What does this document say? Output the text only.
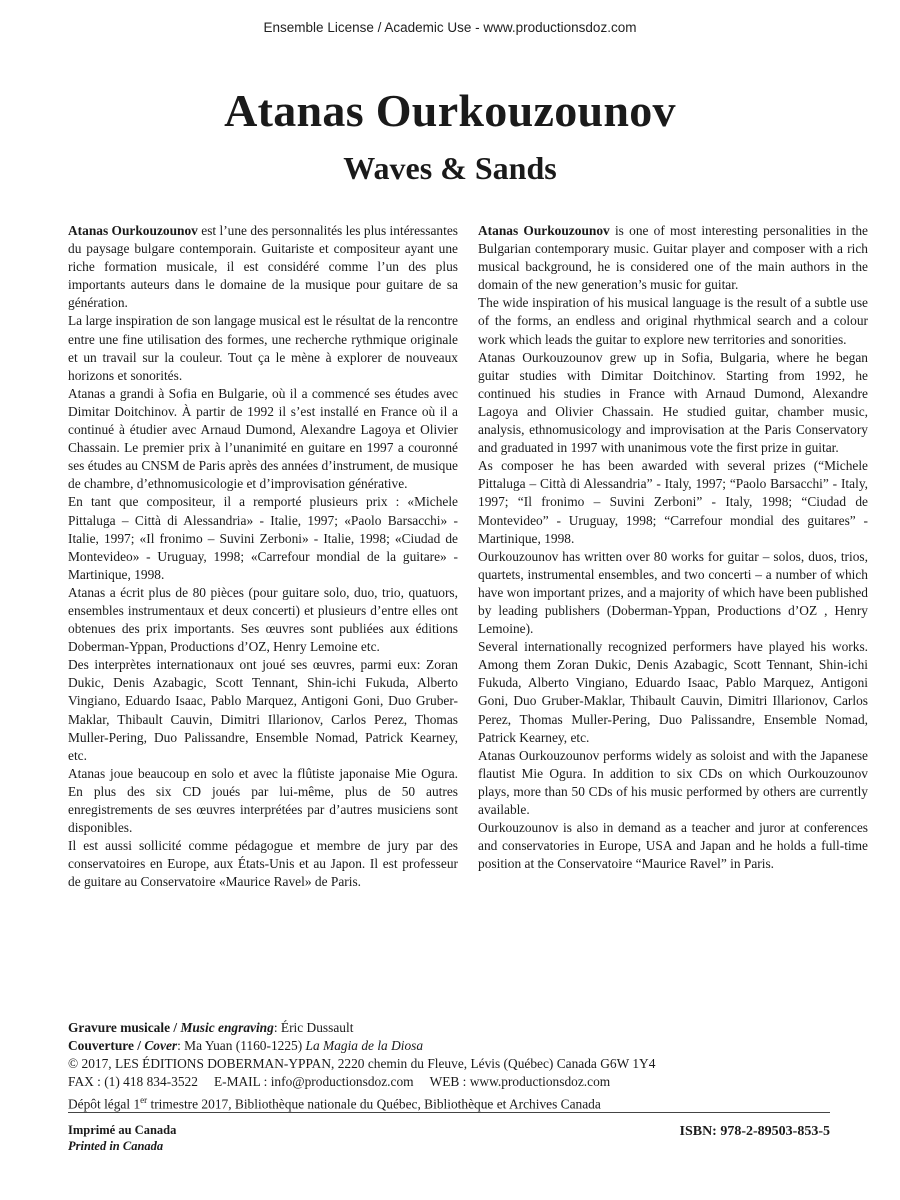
Ensemble License / Academic Use - www.productionsdoz.com
Atanas Ourkouzounov
Waves & Sands

Atanas Ourkouzounov est l’une des personnalités les plus intéressantes du paysage bulgare contemporain. Guitariste et compositeur ayant une riche formation musicale, il est considéré comme l’un des plus importants auteurs dans le domaine de la musique pour guitare de sa génération.

La large inspiration de son langage musical est le résultat de la rencontre entre une fine utilisation des formes, une recherche rythmique originale et un travail sur la couleur. Tout ça le mène à explorer de nouveaux horizons et sonorités.

Atanas a grandi à Sofia en Bulgarie, où il a commencé ses études avec Dimitar Doitchinov. À partir de 1992 il s’est installé en France où il a continué à étudier avec Arnaud Dumond, Alexandre Lagoya et Olivier Chassain. Le premier prix à l’unanimité en guitare en 1997 a couronné ses études au CNSM de Paris après des années d’instrument, de musique de chambre, d’ethnomusicologie et d’improvisation générative.

En tant que compositeur, il a remporté plusieurs prix : «Michele Pittaluga – Città di Alessandria» - Italie, 1997; «Paolo Barsacchi» - Italie, 1997; «Il fronimo – Suvini Zerboni» - Italie, 1998; «Ciudad de Montevideo» - Uruguay, 1998; «Carrefour mondial de la guitare» - Martinique, 1998.

Atanas a écrit plus de 80 pièces (pour guitare solo, duo, trio, quatuors, ensembles instrumentaux et deux concerti) et plusieurs d’entre elles ont obtenues des prix importants. Ses œuvres sont publiées aux éditions Doberman-Yppan, Productions d’OZ, Henry Lemoine etc.

Des interprètes internationaux ont joué ses œuvres, parmi eux: Zoran Dukic, Denis Azabagic, Scott Tennant, Shin-ichi Fukuda, Alberto Vingiano, Eduardo Isaac, Pablo Marquez, Antigoni Goni, Duo Gruber-Maklar, Thibault Cauvin, Dimitri Illarionov, Carlos Perez, Thomas Muller-Pering, Duo Palissandre, Ensemble Nomad, Patrick Kearney, etc.

Atanas joue beaucoup en solo et avec la flûtiste japonaise Mie Ogura. En plus des six CD joués par lui-même, plus de 50 autres enregistrements de ses œuvres interprétées par d’autres musiciens sont disponibles.

Il est aussi sollicité comme pédagogue et membre de jury par des conservatoires en Europe, aux États-Unis et au Japon. Il est professeur de guitare au Conservatoire «Maurice Ravel» de Paris.

Atanas Ourkouzounov is one of most interesting personalities in the Bulgarian contemporary music. Guitar player and composer with a rich musical background, he is considered one of the main authors in the domain of the new generation’s music for guitar.

The wide inspiration of his musical language is the result of a subtle use of the forms, an endless and original rhythmical search and a colour work which leads the guitar to explore new territories and sonorities.

Atanas Ourkouzounov grew up in Sofia, Bulgaria, where he began guitar studies with Dimitar Doitchinov. Starting from 1992, he continued his studies in France with Arnaud Dumond, Alexandre Lagoya and Olivier Chassain. He studied guitar, chamber music, analysis, ethnomusicology and improvisation at the Paris Conservatory and graduated in 1997 with unanimous vote the first prize in guitar.

As composer he has been awarded with several prizes (“Michele Pittaluga – Città di Alessandria” - Italy, 1997; “Paolo Barsacchi” - Italy, 1997; “Il fronimo – Suvini Zerboni” - Italy, 1998; “Ciudad de Montevideo” - Uruguay, 1998; “Carrefour mondial des guitares” - Martinique, 1998.

Ourkouzounov has written over 80 works for guitar – solos, duos, trios, quartets, instrumental ensembles, and two concerti – a number of which have won important prizes, and a majority of which have been published by leading publishers (Doberman-Yppan, Productions d’OZ , Henry Lemoine).

Several internationally recognized performers have played his works. Among them Zoran Dukic, Denis Azabagic, Scott Tennant, Shin-ichi Fukuda, Alberto Vingiano, Eduardo Isaac, Pablo Marquez, Antigoni Goni, Duo Gruber-Maklar, Thibault Cauvin, Dimitri Illarionov, Carlos Perez, Thomas Muller-Pering, Duo Palissandre, Ensemble Nomad, Patrick Kearney, etc.

Atanas Ourkouzounov performs widely as soloist and with the Japanese flautist Mie Ogura. In addition to six CDs on which Ourkouzounov plays, more than 50 CDs of his music performed by others are currently available.

Ourkouzounov is also in demand as a teacher and juror at conferences and conservatories in Europe, USA and Japan and he holds a full-time position at the Conservatoire “Maurice Ravel” in Paris.

Gravure musicale / Music engraving: Éric Dussault
Couverture / Cover: Ma Yuan (1160-1225) La Magia de la Diosa
© 2017, LES ÉDITIONS DOBERMAN-YPPAN, 2220 chemin du Fleuve, Lévis (Québec) Canada G6W 1Y4
FAX : (1) 418 834-3522 E-MAIL : info@productionsdoz.com WEB : www.productionsdoz.com
Dépôt légal 1er trimestre 2017, Bibliothèque nationale du Québec, Bibliothèque et Archives Canada
Imprimé au Canada
Printed in Canada
ISBN: 978-2-89503-853-5
